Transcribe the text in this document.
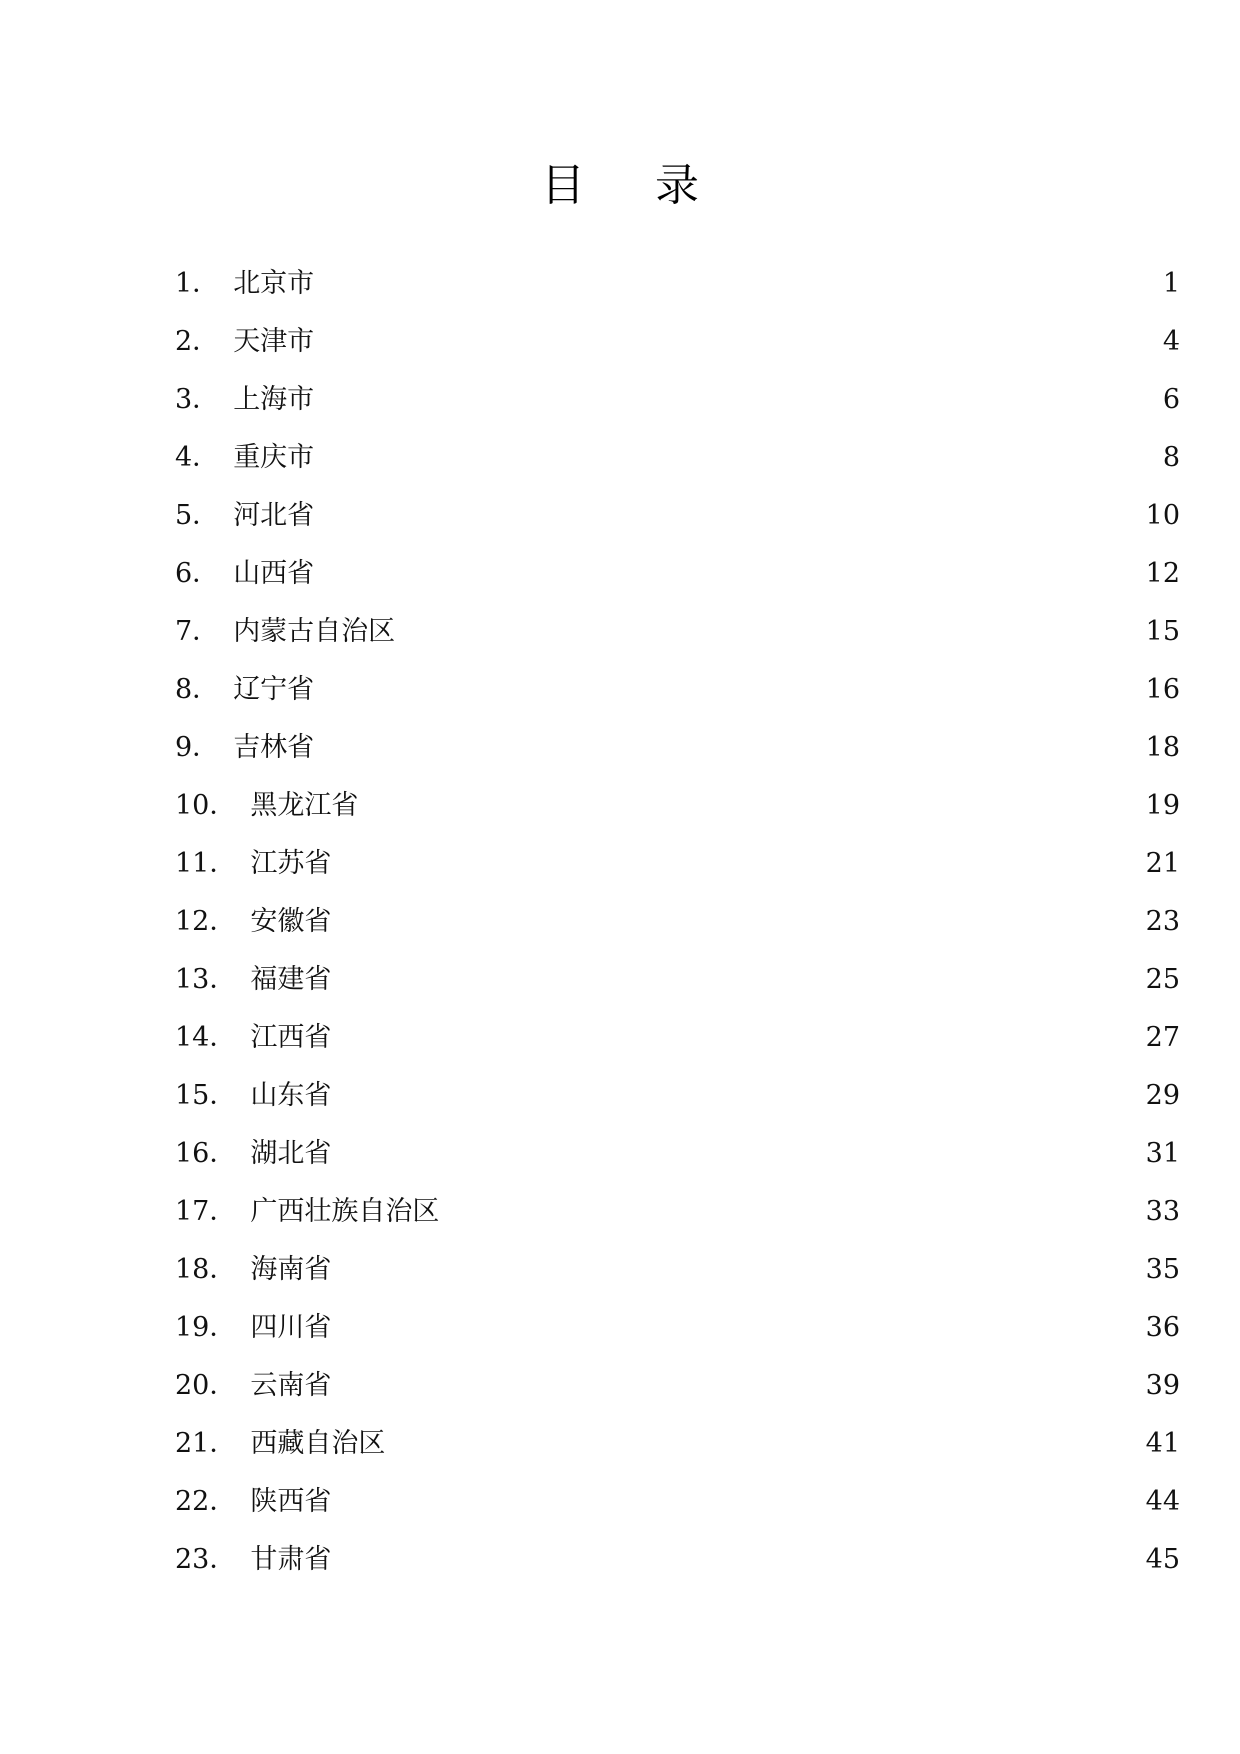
目 录
1． 北京市	1
2． 天津市	4
3． 上海市	6
4． 重庆市	8
5． 河北省	10
6． 山西省	12
7． 内蒙古自治区	15
8． 辽宁省	16
9． 吉林省	18
10． 黑龙江省	19
11． 江苏省	21
12． 安徽省	23
13． 福建省	25
14． 江西省	27
15． 山东省	29
16． 湖北省	31
17． 广西壮族自治区	33
18． 海南省	35
19． 四川省	36
20． 云南省	39
21． 西藏自治区	41
22． 陕西省	44
23． 甘肃省	45
